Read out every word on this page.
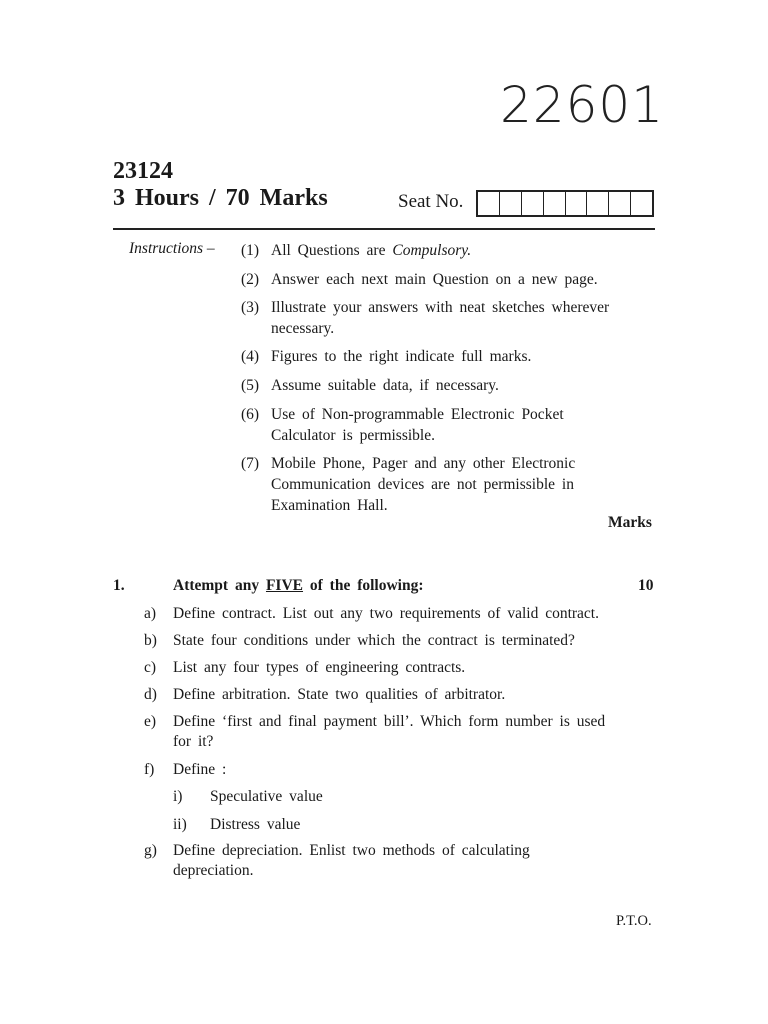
22601
23124
3 Hours / 70 Marks	Seat No.
Instructions – (1) All Questions are Compulsory.
(2) Answer each next main Question on a new page.
(3) Illustrate your answers with neat sketches wherever necessary.
(4) Figures to the right indicate full marks.
(5) Assume suitable data, if necessary.
(6) Use of Non-programmable Electronic Pocket Calculator is permissible.
(7) Mobile Phone, Pager and any other Electronic Communication devices are not permissible in Examination Hall.
Marks
1.	Attempt any FIVE of the following:	10
a) Define contract. List out any two requirements of valid contract.
b) State four conditions under which the contract is terminated?
c) List any four types of engineering contracts.
d) Define arbitration. State two qualities of arbitrator.
e) Define ‘first and final payment bill’. Which form number is used for it?
f) Define :
i) Speculative value
ii) Distress value
g) Define depreciation. Enlist two methods of calculating depreciation.
P.T.O.
